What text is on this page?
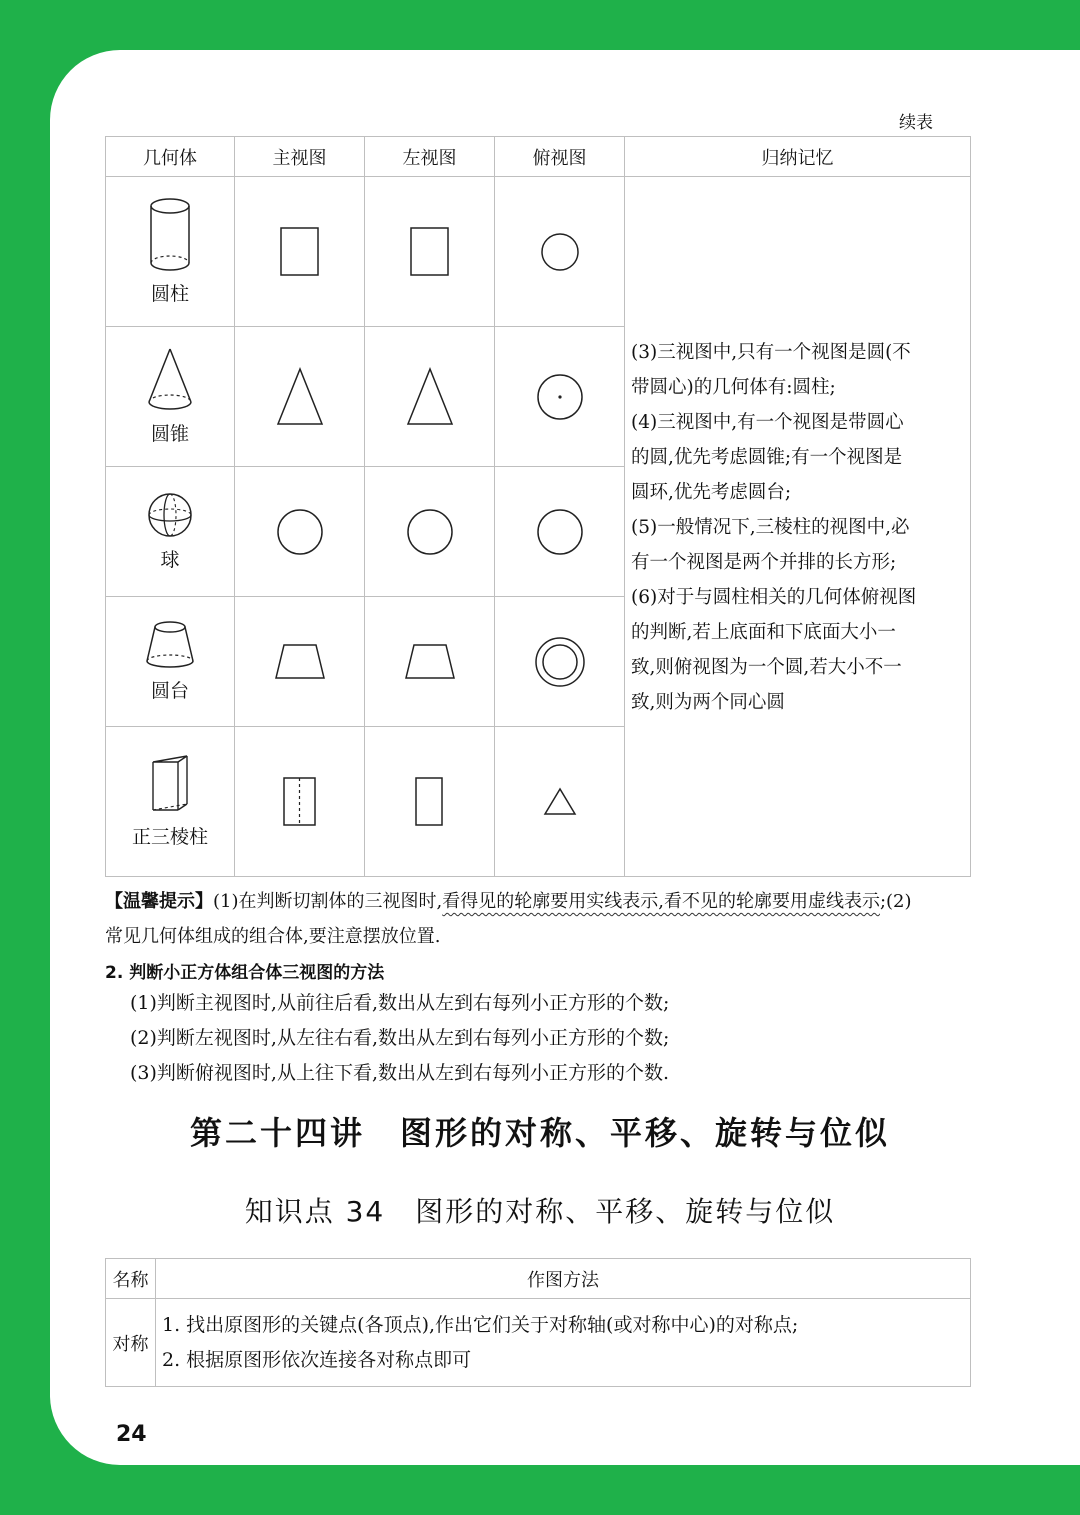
续表
几何体	主视图	左视图	俯视图	归纳记忆

圆柱

圆锥

球

圆台

正三棱柱

(3)三视图中,只有一个视图是圆(不
带圆心)的几何体有:圆柱;
(4)三视图中,有一个视图是带圆心
的圆,优先考虑圆锥;有一个视图是
圆环,优先考虑圆台;
(5)一般情况下,三棱柱的视图中,必
有一个视图是两个并排的长方形;
(6)对于与圆柱相关的几何体俯视图
的判断,若上底面和下底面大小一
致,则俯视图为一个圆,若大小不一
致,则为两个同心圆
【温馨提示】(1)在判断切割体的三视图时,看得见的轮廓要用实线表示,看不见的轮廓要用虚线表示;(2)
常见几何体组成的组合体,要注意摆放位置.
2. 判断小正方体组合体三视图的方法
(1)判断主视图时,从前往后看,数出从左到右每列小正方形的个数;
(2)判断左视图时,从左往右看,数出从左到右每列小正方形的个数;
(3)判断俯视图时,从上往下看,数出从左到右每列小正方形的个数.
第二十四讲　图形的对称、平移、旋转与位似
知识点 34　图形的对称、平移、旋转与位似
名称	作图方法
对称	1. 找出原图形的关键点(各顶点),作出它们关于对称轴(或对称中心)的对称点;
2. 根据原图形依次连接各对称点即可
24
